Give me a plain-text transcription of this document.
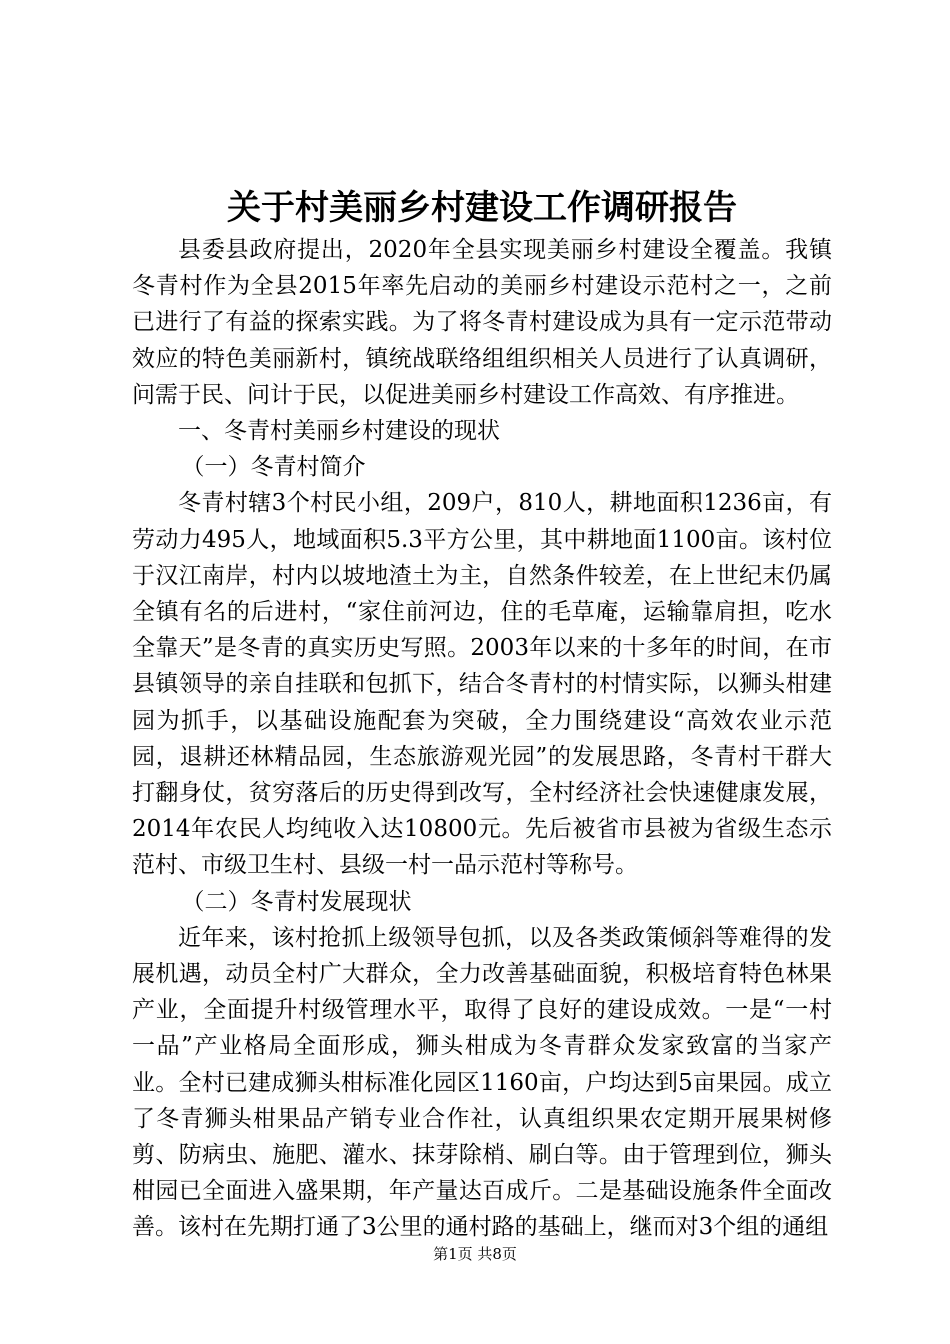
关于村美丽乡村建设工作调研报告

县委县政府提出，2020年全县实现美丽乡村建设全覆盖。我镇冬青村作为全县2015年率先启动的美丽乡村建设示范村之一，之前已进行了有益的探索实践。为了将冬青村建设成为具有一定示范带动效应的特色美丽新村，镇统战联络组组织相关人员进行了认真调研，问需于民、问计于民，以促进美丽乡村建设工作高效、有序推进。

一、冬青村美丽乡村建设的现状

（一）冬青村简介

冬青村辖3个村民小组，209户，810人，耕地面积1236亩，有劳动力495人，地域面积5.3平方公里，其中耕地面1100亩。该村位于汉江南岸，村内以坡地渣土为主，自然条件较差，在上世纪末仍属全镇有名的后进村，“家住前河边，住的毛草庵，运输靠肩担，吃水全靠天”是冬青的真实历史写照。2003年以来的十多年的时间，在市县镇领导的亲自挂联和包抓下，结合冬青村的村情实际，以狮头柑建园为抓手，以基础设施配套为突破，全力围绕建设“高效农业示范园，退耕还林精品园，生态旅游观光园”的发展思路，冬青村干群大打翻身仗，贫穷落后的历史得到改写，全村经济社会快速健康发展，2014年农民人均纯收入达10800元。先后被省市县被为省级生态示范村、市级卫生村、县级一村一品示范村等称号。

（二）冬青村发展现状

近年来，该村抢抓上级领导包抓，以及各类政策倾斜等难得的发展机遇，动员全村广大群众，全力改善基础面貌，积极培育特色林果产业，全面提升村级管理水平，取得了良好的建设成效。一是“一村一品”产业格局全面形成，狮头柑成为冬青群众发家致富的当家产业。全村已建成狮头柑标准化园区1160亩，户均达到5亩果园。成立了冬青狮头柑果品产销专业合作社，认真组织果农定期开展果树修剪、防病虫、施肥、灌水、抹芽除梢、刷白等。由于管理到位，狮头柑园已全面进入盛果期，年产量达百成斤。二是基础设施条件全面改善。该村在先期打通了3公里的通村路的基础上，继而对3个组的通组

第1页 共8页
